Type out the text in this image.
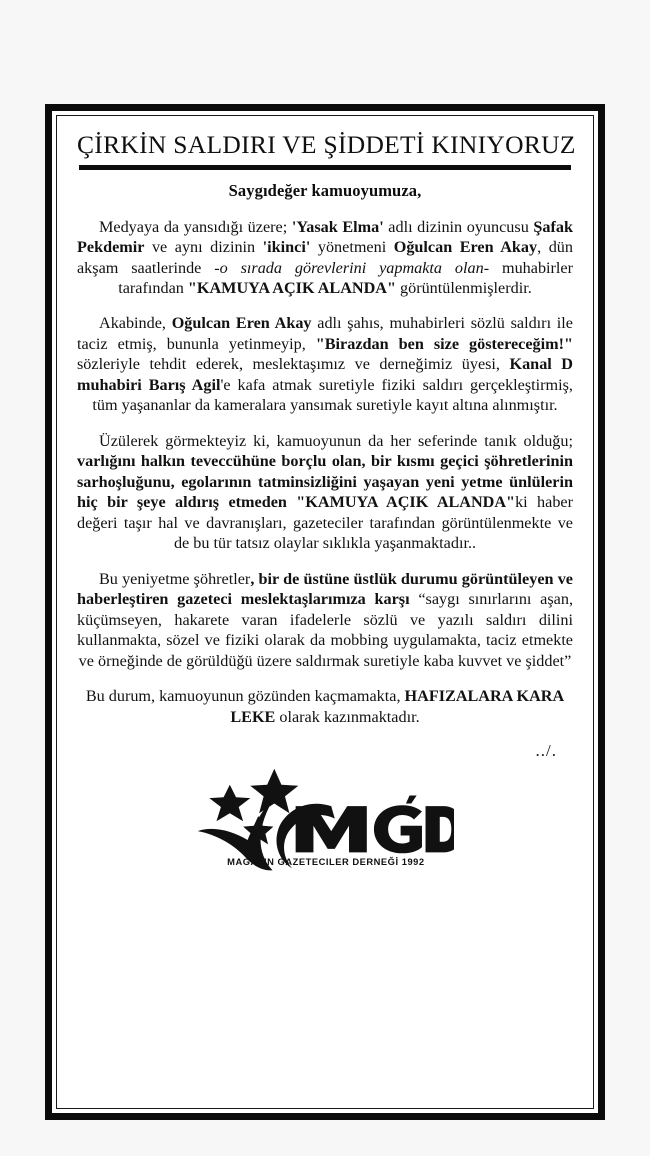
ÇİRKİN SALDIRI VE ŞİDDETİ KINIYORUZ
Saygıdeğer kamuoyumuza,

Medyaya da yansıdığı üzere; 'Yasak Elma' adlı dizinin oyuncusu Şafak Pekdemir ve aynı dizinin 'ikinci' yönetmeni Oğulcan Eren Akay, dün akşam saatlerinde -o sırada görevlerini yapmakta olan- muhabirler tarafından "KAMUYA AÇIK ALANDA" görüntülenmişlerdir.

Akabinde, Oğulcan Eren Akay adlı şahıs, muhabirleri sözlü saldırı ile taciz etmiş, bununla yetinmeyip, "Birazdan ben size göstereceğim!" sözleriyle tehdit ederek, meslektaşımız ve derneğimiz üyesi, Kanal D muhabiri Barış Agil'e kafa atmak suretiyle fiziki saldırı gerçekleştirmiş, tüm yaşananlar da kameralara yansımak suretiyle kayıt altına alınmıştır.

Üzülerek görmekteyiz ki, kamuoyunun da her seferinde tanık olduğu; varlığını halkın teveccühüne borçlu olan, bir kısmı geçici şöhretlerinin sarhoşluğunu, egolarının tatminsizliğini yaşayan yeni yetme ünlülerin hiç bir şeye aldırış etmeden "KAMUYA AÇIK ALANDA"ki haber değeri taşır hal ve davranışları, gazeteciler tarafından görüntülenmekte ve de bu tür tatsız olaylar sıklıkla yaşanmaktadır..

Bu yeniyetme şöhretler, bir de üstüne üstlük durumu görüntüleyen ve haberleştiren gazeteci meslektaşlarımıza karşı “saygı sınırlarını aşan, küçümseyen, hakarete varan ifadelerle sözlü ve yazılı saldırı dilini kullanmakta, sözel ve fiziki olarak da mobbing uygulamakta, taciz etmekte ve örneğinde de görüldüğü üzere saldırmak suretiyle kaba kuvvet ve şiddet”

Bu durum, kamuoyunun gözünden kaçmamakta, HAFIZALARA KARA LEKE olarak kazınmaktadır.

../.
MAGAZIN GAZETECILER DERNEĞİ 1992
